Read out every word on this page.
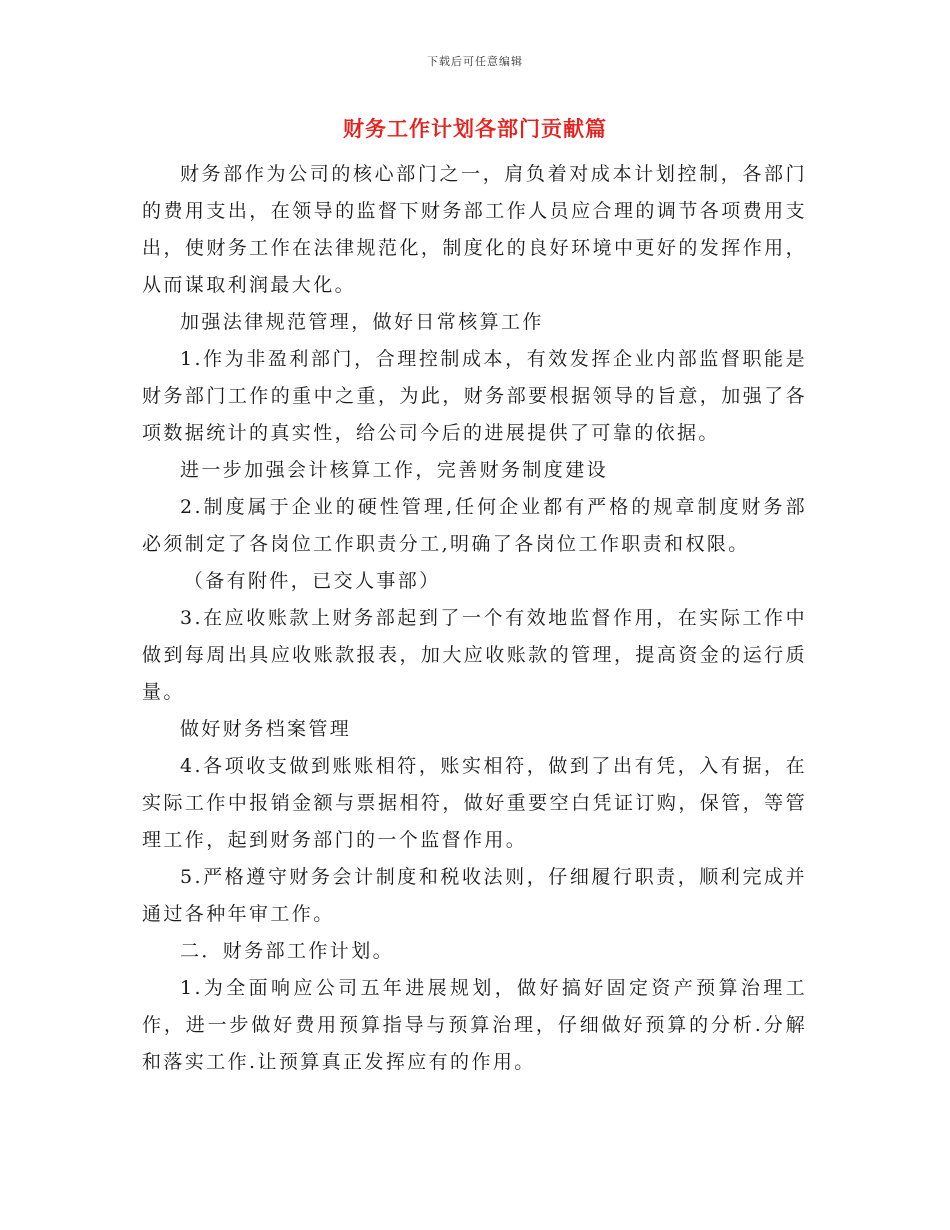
下载后可任意编辑
财务工作计划各部门贡献篇

财务部作为公司的核心部门之一，肩负着对成本计划控制，各部门的费用支出，在领导的监督下财务部工作人员应合理的调节各项费用支出，使财务工作在法律规范化，制度化的良好环境中更好的发挥作用，从而谋取利润最大化。

加强法律规范管理，做好日常核算工作

1.作为非盈利部门，合理控制成本，有效发挥企业内部监督职能是财务部门工作的重中之重，为此，财务部要根据领导的旨意，加强了各项数据统计的真实性，给公司今后的进展提供了可靠的依据。

进一步加强会计核算工作，完善财务制度建设

2.制度属于企业的硬性管理,任何企业都有严格的规章制度财务部必须制定了各岗位工作职责分工,明确了各岗位工作职责和权限。

（备有附件，已交人事部）

3.在应收账款上财务部起到了一个有效地监督作用，在实际工作中做到每周出具应收账款报表，加大应收账款的管理，提高资金的运行质量。

做好财务档案管理

4.各项收支做到账账相符，账实相符，做到了出有凭，入有据，在实际工作中报销金额与票据相符，做好重要空白凭证订购，保管，等管理工作，起到财务部门的一个监督作用。

5.严格遵守财务会计制度和税收法则，仔细履行职责，顺利完成并通过各种年审工作。

二．财务部工作计划。

1.为全面响应公司五年进展规划，做好搞好固定资产预算治理工作，进一步做好费用预算指导与预算治理，仔细做好预算的分析.分解和落实工作.让预算真正发挥应有的作用。
